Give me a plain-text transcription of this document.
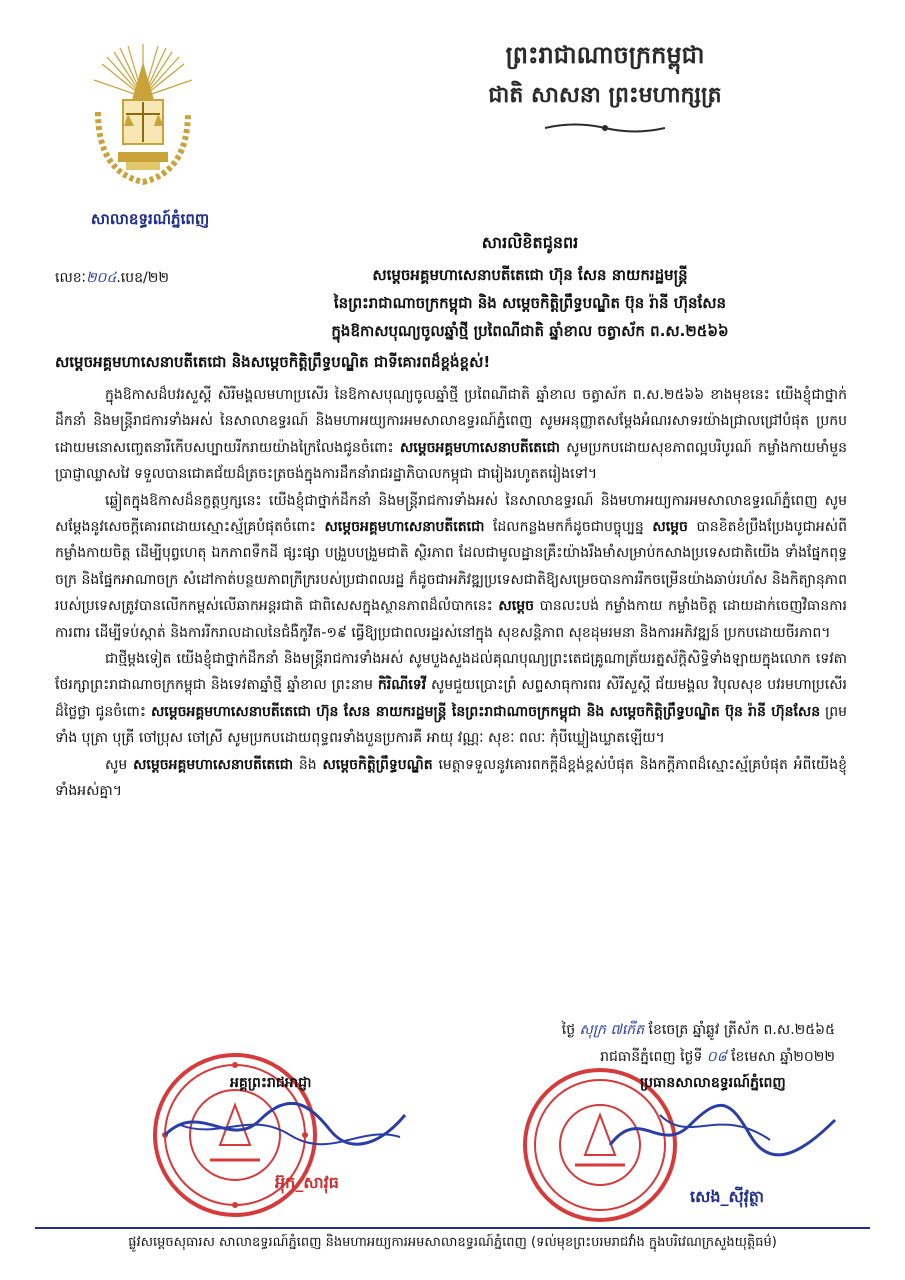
សាលាឧទ្ធរណ៍ភ្នំពេញ
ព្រះរាជាណាចក្រកម្ពុជា
ជាតិ សាសនា ព្រះមហាក្សត្រ
លេខៈ២០៤.បេឧ/២២
សារលិខិតជូនពរ
សម្តេចអគ្គមហាសេនាបតីតេជោ ហ៊ុន សែន នាយករដ្ឋមន្ត្រី
នៃព្រះរាជាណាចក្រកម្ពុជា និង សម្តេចកិត្តិព្រឹទ្ធបណ្ឌិត ប៊ុន រ៉ានី ហ៊ុនសែន
ក្នុងឱកាសបុណ្យចូលឆ្នាំថ្មី ប្រពៃណីជាតិ ឆ្នាំខាល ចត្វាស័ក ព.ស.២៥៦៦
សម្តេចអគ្គមហាសេនាបតីតេជោ និងសម្តេចកិត្តិព្រឹទ្ធបណ្ឌិត ជាទីគោរពដ៏ខ្ពង់ខ្ពស់!

ក្នុងឱកាសដ៏បវរសួស្តី សិរីមង្គលមហាប្រសើរ នៃឱកាសបុណ្យចូលឆ្នាំថ្មី ប្រពៃណីជាតិ ឆ្នាំខាល ចត្វាស័ក ព.ស.២៥៦៦ ខាងមុខនេះ យើងខ្ញុំជាថ្នាក់ដឹកនាំ និងមន្ត្រីរាជការទាំងអស់ នៃសាលាឧទ្ធរណ៍ និងមហាអយ្យការអមសាលាឧទ្ធរណ៍ភ្នំពេញ សូមអនុញ្ញាតសម្តែងអំណរសាទរយ៉ាងជ្រាលជ្រៅបំផុត ប្រកបដោយមនោសញ្ចេតនារីកើបសប្បាយរីករាយយ៉ាងក្រៃលែងជូនចំពោះ សម្តេចអគ្គមហាសេនាបតីតេជោ សូមប្រកបដោយសុខភាពល្អបរិបូរណ៍ កម្លាំងកាយមាំមួន ប្រាជ្ញាឈ្លាសវៃ ទទួលបានជោគជ័យដ៏ត្រចះត្រចង់ក្នុងការដឹកនាំរាជរដ្ឋាភិបាលកម្ពុជា ជារៀងរហូតតរៀងទៅ។

ឆ្លៀតក្នុងឱកាសដ៏នក្ខត្តឫក្សនេះ យើងខ្ញុំជាថ្នាក់ដឹកនាំ និងមន្ត្រីរាជការទាំងអស់ នៃសាលាឧទ្ធរណ៍ និងមហាអយ្យការអមសាលាឧទ្ធរណ៍ភ្នំពេញ សូមសម្តែងនូវសេចក្តីគោរពដោយស្មោះស្ម័គ្របំផុតចំពោះ សម្តេចអគ្គមហាសេនាបតីតេជោ ដែលកន្លងមកក៏ដូចជាបច្ចុប្បន្ន សម្តេច បានខិតខំប្រឹងប្រែងបូជាអស់ពីកម្លាំងកាយចិត្ត ដើម្បីបុព្វហេតុ ឯកភាពទឹកដី ផ្សះផ្សា បង្រួបបង្រួមជាតិ ស្ថិរភាព ដែលជាមូលដ្ឋានគ្រឹះយ៉ាងរឹងមាំសម្រាប់កសាងប្រទេសជាតិយើង ទាំងផ្នែកពុទ្ធចក្រ និងផ្នែកអាណាចក្រ សំដៅកាត់បន្ថយភាពក្រីក្ររបស់ប្រជាពលរដ្ឋ ក៏ដូចជាអភិវឌ្ឍប្រទេសជាតិឱ្យសម្រេចបានការរីកចម្រើនយ៉ាងឆាប់រហ័ស និងកិត្យានុភាពរបស់ប្រទេសត្រូវបានលើកកម្ពស់លើឆាកអន្តរជាតិ ជាពិសេសក្នុងស្ថានភាពដ៏លំបាកនេះ សម្តេច បានលះបង់ កម្លាំងកាយ កម្លាំងចិត្ត ដោយដាក់ចេញវិធានការការពារ ដើម្បីទប់ស្កាត់ និងការរីករាលដាលនៃជំងឺកូវីត-១៩ ធ្វើឱ្យប្រជាពលរដ្ឋរស់នៅក្នុង សុខសន្តិភាព សុខដុមរមនា និងការអភិវឌ្ឍន៍ ប្រកបដោយចីរភាព។

ជាថ្មីម្តងទៀត យើងខ្ញុំជាថ្នាក់ដឹកនាំ និងមន្ត្រីរាជការទាំងអស់ សូមបួងសួងដល់គុណបុណ្យព្រះតេជគ្រូណាត្រ័យរត្នស័ក្តិសិទ្ធិទាំងឡាយក្នុងលោក ទេវតាថែរក្សាព្រះរាជាណាចក្រកម្ពុជា និងទេវតាឆ្នាំថ្មី ឆ្នាំខាល ព្រះនាម កិរិណីទេវី សូមជួយប្រោះព្រំ សព្ទសាធុការពរ សិរីសួស្តី ជ័យមង្គល វិបុលសុខ បវរមហាប្រសើរដ៏ថ្លៃថ្លា ជូនចំពោះ សម្តេចអគ្គមហាសេនាបតីតេជោ ហ៊ុន សែន នាយករដ្ឋមន្ត្រី នៃព្រះរាជាណាចក្រកម្ពុជា និង សម្តេចកិត្តិព្រឹទ្ធបណ្ឌិត ប៊ុន រ៉ានី ហ៊ុនសែន ព្រមទាំង បុត្រា បុត្រី ចៅប្រុស ចៅស្រី សូមប្រកបដោយពុទ្ធពរទាំងបួនប្រការគឺ អាយុ វណ្ណៈ សុខៈ ពលៈ កុំបីឃ្លៀងឃ្លាតឡើយ។

សូម សម្តេចអគ្គមហាសេនាបតីតេជោ និង សម្តេចកិត្តិព្រឹទ្ធបណ្ឌិត មេត្តាទទួលនូវគោរពកក្តីដ៏ខ្ពង់ខ្ពស់បំផុត និងកក្តីភាពដ៏ស្មោះស្ម័គ្របំផុត អំពីយើងខ្ញុំទាំងអស់គ្នា។

ថ្ងៃ សុក្រ ៧កើត ខែចេត្រ ឆ្នាំឆ្លូវ ត្រីស័ក ព.ស.២៥៦៥
រាជធានីភ្នំពេញ ថ្ងៃទី ០៨ ខែមេសា ឆ្នាំ២០២២
អគ្គព្រះរាជអាជ្ញា
អ៊ុក_សាវុធ
ប្រធានសាលាឧទ្ធរណ៍ភ្នំពេញ
សេង_ស៊ីវុត្ថា
ផ្លូវសម្តេចសុធារស សាលាឧទ្ធរណ៍ភ្នំពេញ និងមហាអយ្យការអមសាលាឧទ្ធរណ៍ភ្នំពេញ (ទល់មុខព្រះបរមរាជវាំង ក្នុងបរិវេណក្រសួងយុត្តិធម៌)
